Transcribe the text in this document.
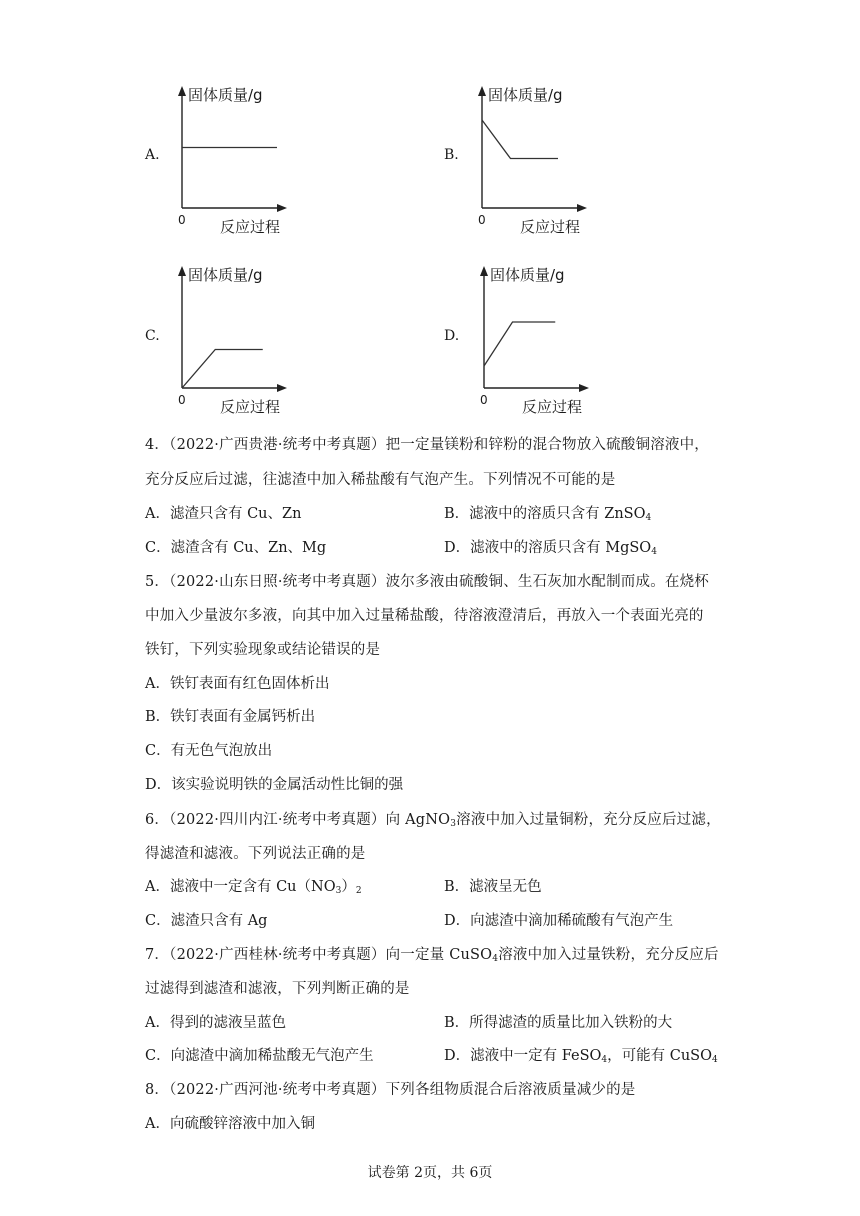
A.	B.
C.	D.
固体质量/g
反应过程
0
固体质量/g
反应过程
0
固体质量/g
反应过程
0
固体质量/g
反应过程
0
4．（2022·广西贵港·统考中考真题）把一定量镁粉和锌粉的混合物放入硫酸铜溶液中，
充分反应后过滤，往滤渣中加入稀盐酸有气泡产生。下列情况不可能的是
A．滤渣只含有 Cu、Zn	B．滤液中的溶质只含有 ZnSO$_4$
C．滤渣含有 Cu、Zn、Mg	D．滤液中的溶质只含有 MgSO$_4$
5．（2022·山东日照·统考中考真题）波尔多液由硫酸铜、生石灰加水配制而成。在烧杯
中加入少量波尔多液，向其中加入过量稀盐酸，待溶液澄清后，再放入一个表面光亮的
铁钉，下列实验现象或结论错误的是
A．铁钉表面有红色固体析出
B．铁钉表面有金属钙析出
C．有无色气泡放出
D．该实验说明铁的金属活动性比铜的强
6．（2022·四川内江·统考中考真题）向 AgNO$_3$溶液中加入过量铜粉，充分反应后过滤，
得滤渣和滤液。下列说法正确的是
A．滤液中一定含有 $Cu(NO_3)_2$	B．滤液呈无色
C．滤渣只含有 Ag	D．向滤渣中滴加稀硫酸有气泡产生
7．（2022·广西桂林·统考中考真题）向一定量 CuSO$_4$溶液中加入过量铁粉，充分反应后
过滤得到滤渣和滤液，下列判断正确的是
A．得到的滤液呈蓝色	B．所得滤渣的质量比加入铁粉的大
C．向滤渣中滴加稀盐酸无气泡产生	D．滤液中一定有 FeSO$_4$，可能有 CuSO$_4$
8．（2022·广西河池·统考中考真题）下列各组物质混合后溶液质量减少的是
A．向硫酸锌溶液中加入铜
试卷第 2页，共 6页
